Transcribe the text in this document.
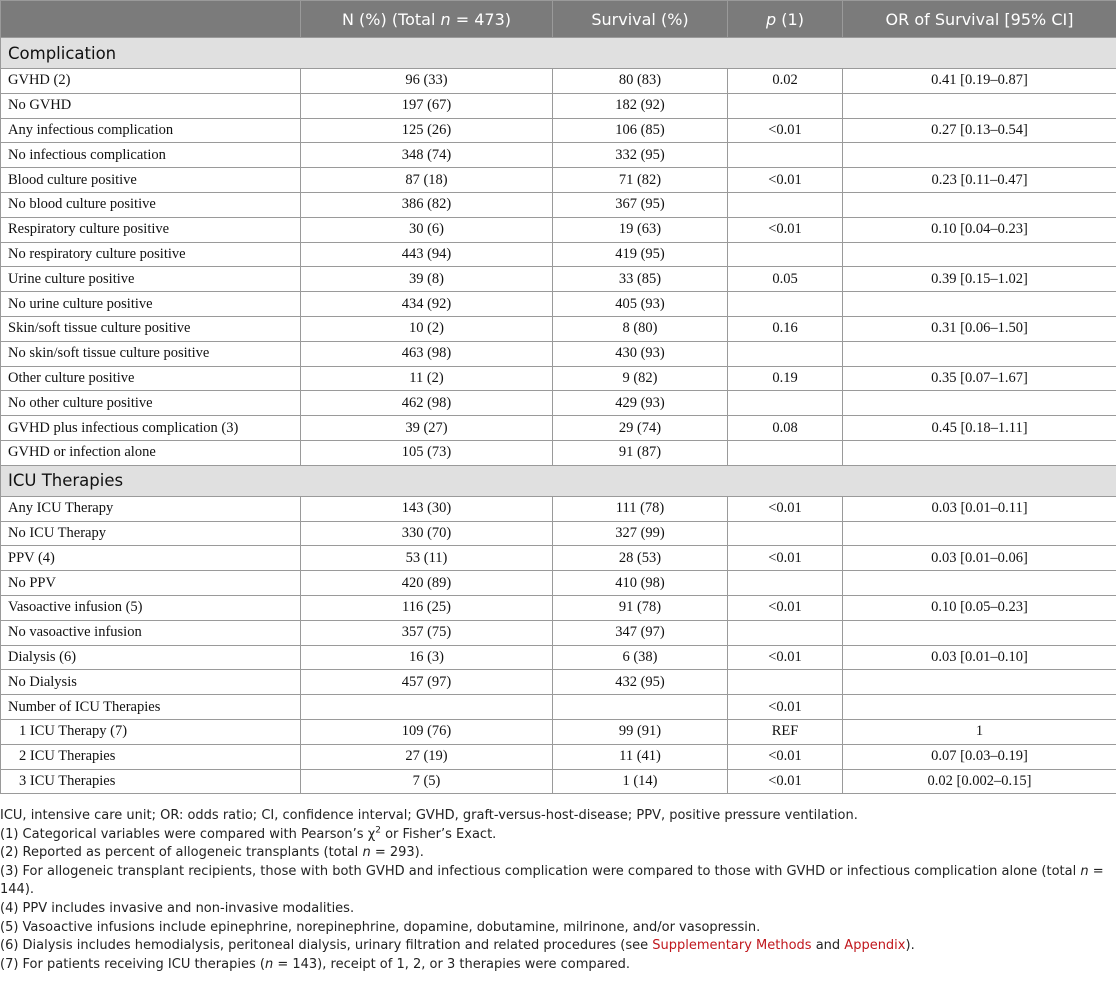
	N (%) (Total n = 473)	Survival (%)	p (1)	OR of Survival [95% CI]
Complication				
GVHD (2)	96 (33)	80 (83)	0.02	0.41 [0.19–0.87]
No GVHD	197 (67)	182 (92)		
Any infectious complication	125 (26)	106 (85)	<0.01	0.27 [0.13–0.54]
No infectious complication	348 (74)	332 (95)		
Blood culture positive	87 (18)	71 (82)	<0.01	0.23 [0.11–0.47]
No blood culture positive	386 (82)	367 (95)		
Respiratory culture positive	30 (6)	19 (63)	<0.01	0.10 [0.04–0.23]
No respiratory culture positive	443 (94)	419 (95)		
Urine culture positive	39 (8)	33 (85)	0.05	0.39 [0.15–1.02]
No urine culture positive	434 (92)	405 (93)		
Skin/soft tissue culture positive	10 (2)	8 (80)	0.16	0.31 [0.06–1.50]
No skin/soft tissue culture positive	463 (98)	430 (93)		
Other culture positive	11 (2)	9 (82)	0.19	0.35 [0.07–1.67]
No other culture positive	462 (98)	429 (93)		
GVHD plus infectious complication (3)	39 (27)	29 (74)	0.08	0.45 [0.18–1.11]
GVHD or infection alone	105 (73)	91 (87)		
ICU Therapies				
Any ICU Therapy	143 (30)	111 (78)	<0.01	0.03 [0.01–0.11]
No ICU Therapy	330 (70)	327 (99)		
PPV (4)	53 (11)	28 (53)	<0.01	0.03 [0.01–0.06]
No PPV	420 (89)	410 (98)		
Vasoactive infusion (5)	116 (25)	91 (78)	<0.01	0.10 [0.05–0.23]
No vasoactive infusion	357 (75)	347 (97)		
Dialysis (6)	16 (3)	6 (38)	<0.01	0.03 [0.01–0.10]
No Dialysis	457 (97)	432 (95)		
Number of ICU Therapies			<0.01	
1 ICU Therapy (7)	109 (76)	99 (91)	REF	1
2 ICU Therapies	27 (19)	11 (41)	<0.01	0.07 [0.03–0.19]
3 ICU Therapies	7 (5)	1 (14)	<0.01	0.02 [0.002–0.15]

ICU, intensive care unit; OR: odds ratio; CI, confidence interval; GVHD, graft-versus-host-disease; PPV, positive pressure ventilation.

(1) Categorical variables were compared with Pearson’s $\chi^2$ or Fisher’s Exact.

(2) Reported as percent of allogeneic transplants (total n = 293).

(3) For allogeneic transplant recipients, those with both GVHD and infectious complication were compared to those with GVHD or infectious complication alone (total n = 144).

(4) PPV includes invasive and non-invasive modalities.

(5) Vasoactive infusions include epinephrine, norepinephrine, dopamine, dobutamine, milrinone, and/or vasopressin.

(6) Dialysis includes hemodialysis, peritoneal dialysis, urinary filtration and related procedures (see Supplementary Methods and Appendix).

(7) For patients receiving ICU therapies (n = 143), receipt of 1, 2, or 3 therapies were compared.
